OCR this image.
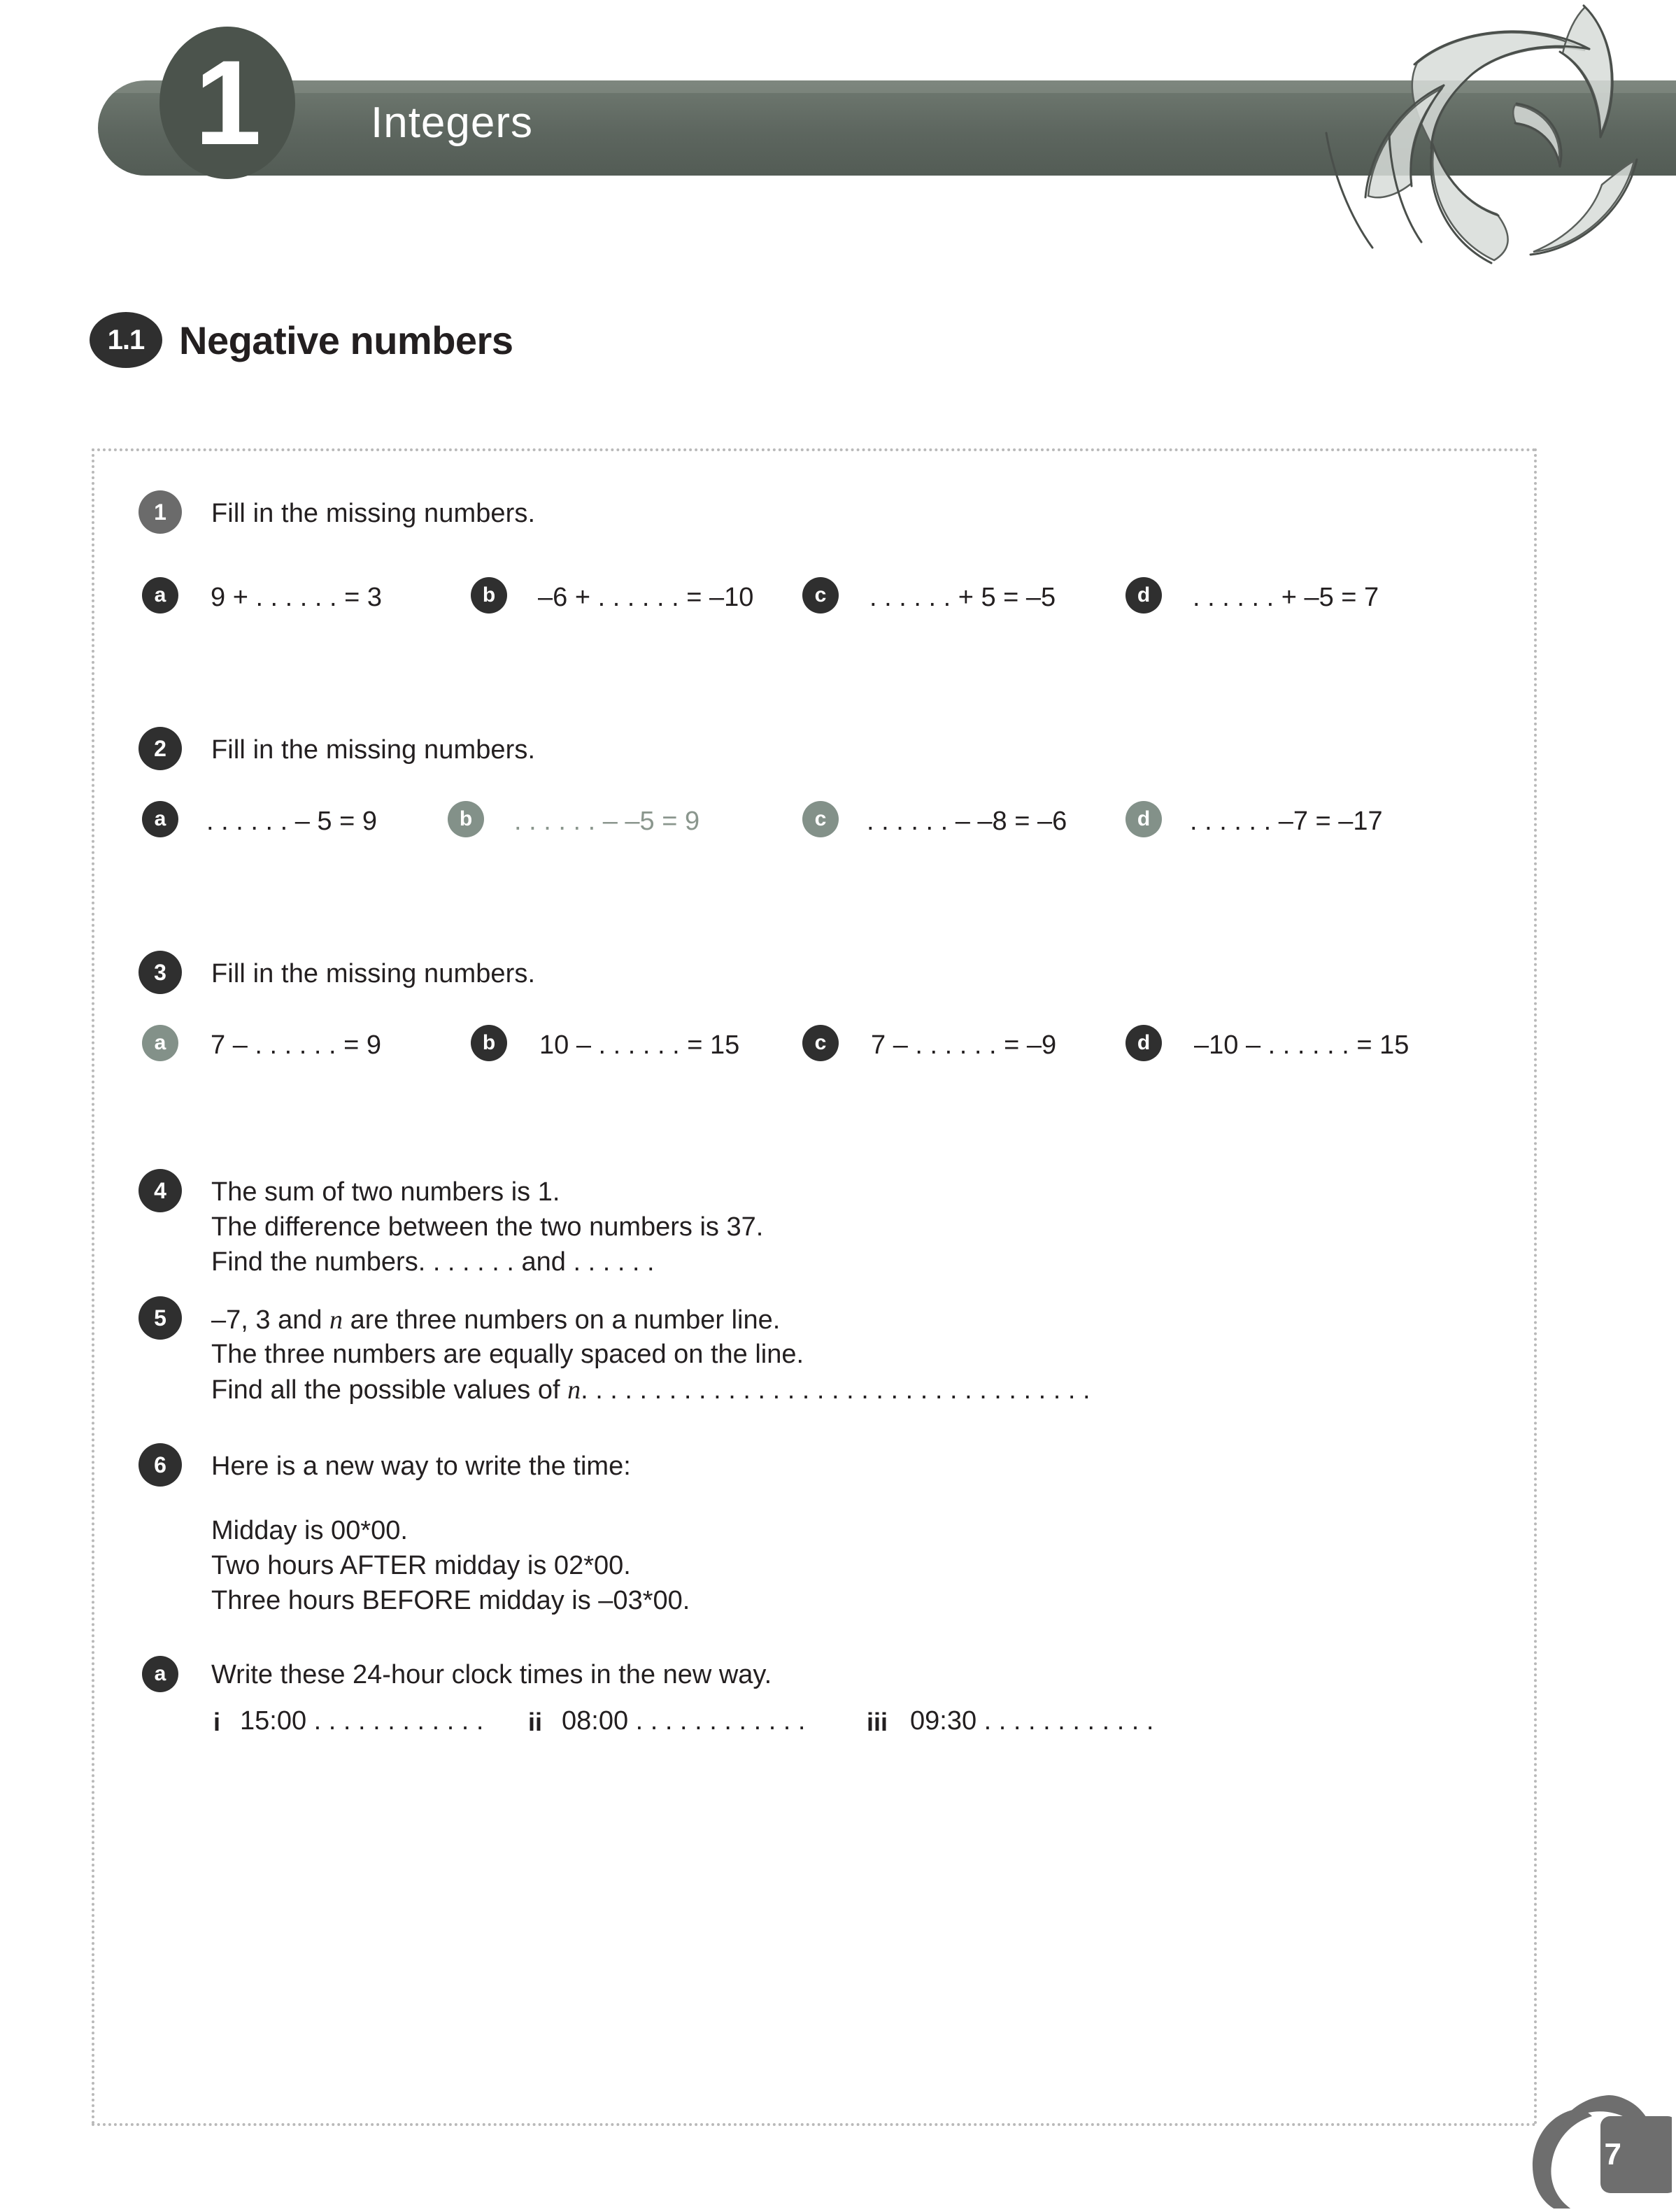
1	Integers
1.1 Negative numbers
1	Fill in the missing numbers.
a	9 + . . . . . . = 3	b	–6 + . . . . . . = –10	c	. . . . . . + 5 = –5	d	. . . . . . + –5 = 7
2	Fill in the missing numbers.
a	. . . . . . – 5 = 9	b	. . . . . . – –5 = 9	c	. . . . . . – –8 = –6	d	. . . . . . –7 = –17
3	Fill in the missing numbers.
a	7 – . . . . . . = 9	b	10 – . . . . . . = 15	c	7 – . . . . . . = –9	d	–10 – . . . . . . = 15
4	The sum of two numbers is 1.
The difference between the two numbers is 37.
Find the numbers. . . . . . . and . . . . . .
5	–7, 3 and n are three numbers on a number line.
The three numbers are equally spaced on the line.
Find all the possible values of n. . . . . . . . . . . . . . . . . . . . . . . . . . . . . . . . . . .
6	Here is a new way to write the time:
Midday is 00*00.
Two hours AFTER midday is 02*00.
Three hours BEFORE midday is –03*00.
a	Write these 24-hour clock times in the new way.
i 15:00 . . . . . . . . . . . . ii 08:00 . . . . . . . . . . . . iii 09:30 . . . . . . . . . . . .
7
